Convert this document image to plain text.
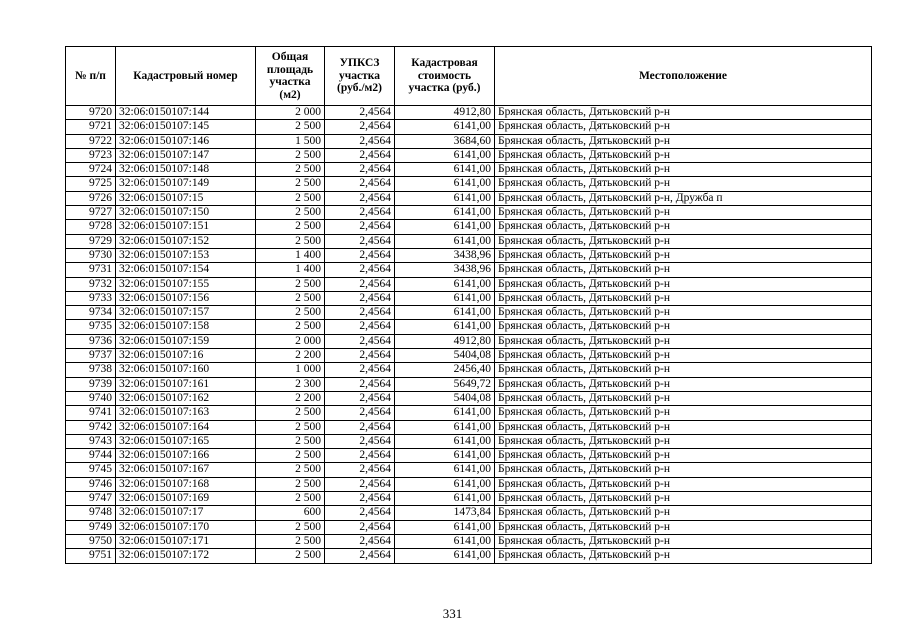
№ п/п	Кадастровый номер	Общая площадь участка (м2)	УПКСЗ участка (руб./м2)	Кадастровая стоимость участка (руб.)	Местоположение
9720	32:06:0150107:144	2 000	2,4564	4912,80	Брянская область, Дятьковский р-н
9721	32:06:0150107:145	2 500	2,4564	6141,00	Брянская область, Дятьковский р-н
9722	32:06:0150107:146	1 500	2,4564	3684,60	Брянская область, Дятьковский р-н
9723	32:06:0150107:147	2 500	2,4564	6141,00	Брянская область, Дятьковский р-н
9724	32:06:0150107:148	2 500	2,4564	6141,00	Брянская область, Дятьковский р-н
9725	32:06:0150107:149	2 500	2,4564	6141,00	Брянская область, Дятьковский р-н
9726	32:06:0150107:15	2 500	2,4564	6141,00	Брянская область, Дятьковский р-н, Дружба п
9727	32:06:0150107:150	2 500	2,4564	6141,00	Брянская область, Дятьковский р-н
9728	32:06:0150107:151	2 500	2,4564	6141,00	Брянская область, Дятьковский р-н
9729	32:06:0150107:152	2 500	2,4564	6141,00	Брянская область, Дятьковский р-н
9730	32:06:0150107:153	1 400	2,4564	3438,96	Брянская область, Дятьковский р-н
9731	32:06:0150107:154	1 400	2,4564	3438,96	Брянская область, Дятьковский р-н
9732	32:06:0150107:155	2 500	2,4564	6141,00	Брянская область, Дятьковский р-н
9733	32:06:0150107:156	2 500	2,4564	6141,00	Брянская область, Дятьковский р-н
9734	32:06:0150107:157	2 500	2,4564	6141,00	Брянская область, Дятьковский р-н
9735	32:06:0150107:158	2 500	2,4564	6141,00	Брянская область, Дятьковский р-н
9736	32:06:0150107:159	2 000	2,4564	4912,80	Брянская область, Дятьковский р-н
9737	32:06:0150107:16	2 200	2,4564	5404,08	Брянская область, Дятьковский р-н
9738	32:06:0150107:160	1 000	2,4564	2456,40	Брянская область, Дятьковский р-н
9739	32:06:0150107:161	2 300	2,4564	5649,72	Брянская область, Дятьковский р-н
9740	32:06:0150107:162	2 200	2,4564	5404,08	Брянская область, Дятьковский р-н
9741	32:06:0150107:163	2 500	2,4564	6141,00	Брянская область, Дятьковский р-н
9742	32:06:0150107:164	2 500	2,4564	6141,00	Брянская область, Дятьковский р-н
9743	32:06:0150107:165	2 500	2,4564	6141,00	Брянская область, Дятьковский р-н
9744	32:06:0150107:166	2 500	2,4564	6141,00	Брянская область, Дятьковский р-н
9745	32:06:0150107:167	2 500	2,4564	6141,00	Брянская область, Дятьковский р-н
9746	32:06:0150107:168	2 500	2,4564	6141,00	Брянская область, Дятьковский р-н
9747	32:06:0150107:169	2 500	2,4564	6141,00	Брянская область, Дятьковский р-н
9748	32:06:0150107:17	600	2,4564	1473,84	Брянская область, Дятьковский р-н
9749	32:06:0150107:170	2 500	2,4564	6141,00	Брянская область, Дятьковский р-н
9750	32:06:0150107:171	2 500	2,4564	6141,00	Брянская область, Дятьковский р-н
9751	32:06:0150107:172	2 500	2,4564	6141,00	Брянская область, Дятьковский р-н
331
